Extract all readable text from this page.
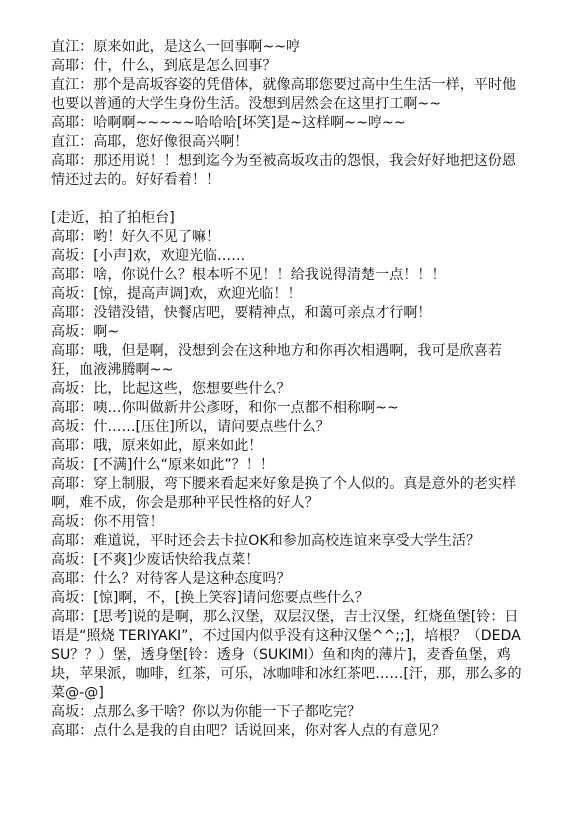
直江：原来如此，是这么一回事啊~~哼

高耶：什，什么，到底是怎么回事？

直江：那个是高坂容姿的凭借体，就像高耶您要过高中生生活一样，平时他也要以普通的大学生身份生活。没想到居然会在这里打工啊~~

高耶：哈啊啊~~~~~哈哈哈[坏笑]是~这样啊~~哼~~

直江：高耶，您好像很高兴啊！

高耶：那还用说！！想到迄今为至被高坂攻击的怨恨，我会好好地把这份恩情还过去的。好好看着！！

[走近，拍了拍柜台]

高耶：哟！好久不见了嘛！

高坂：[小声]欢，欢迎光临……

高耶：啥，你说什么？根本听不见！！给我说得清楚一点！！！

高坂：[惊，提高声调]欢，欢迎光临！！

高耶：没错没错，快餐店吧，要精神点，和蔼可亲点才行啊！

高坂：啊~

高耶：哦，但是啊，没想到会在这种地方和你再次相遇啊，我可是欣喜若狂，血液沸腾啊~~

高坂：比，比起这些，您想要些什么？

高耶：咦…你叫做新井公彥呀，和你一点都不相称啊~~

高坂：什……[压住]所以，请问要点些什么？

高耶：哦，原来如此，原来如此！

高坂：[不满]什么“原来如此”？！！

高耶：穿上制服，弯下腰来看起来好象是换了个人似的。真是意外的老实样啊，难不成，你会是那种平民性格的好人？

高坂：你不用管！

高耶：难道说，平时还会去卡拉OK和参加高校连谊来享受大学生活？

高坂：[不爽]少废话快给我点菜！

高耶：什么？对待客人是这种态度吗？

高坂：[惊]啊，不，[换上笑容]请问您要点些什么？

高耶：[思考]说的是啊，那么汉堡，双层汉堡，吉士汉堡，红烧鱼堡[铃：日语是“照烧 TERIYAKI”，不过国内似乎没有这种汉堡^^;;]，培根？（DEDASU？？）堡，透身堡[铃：透身（SUKIMI）鱼和肉的薄片]，麦香鱼堡，鸡块，苹果派，咖啡，红茶，可乐，冰咖啡和冰红茶吧……[汗，那，那么多的菜@-@]

高坂：点那么多干啥？你以为你能一下子都吃完？

高耶：点什么是我的自由吧？话说回来，你对客人点的有意见？
